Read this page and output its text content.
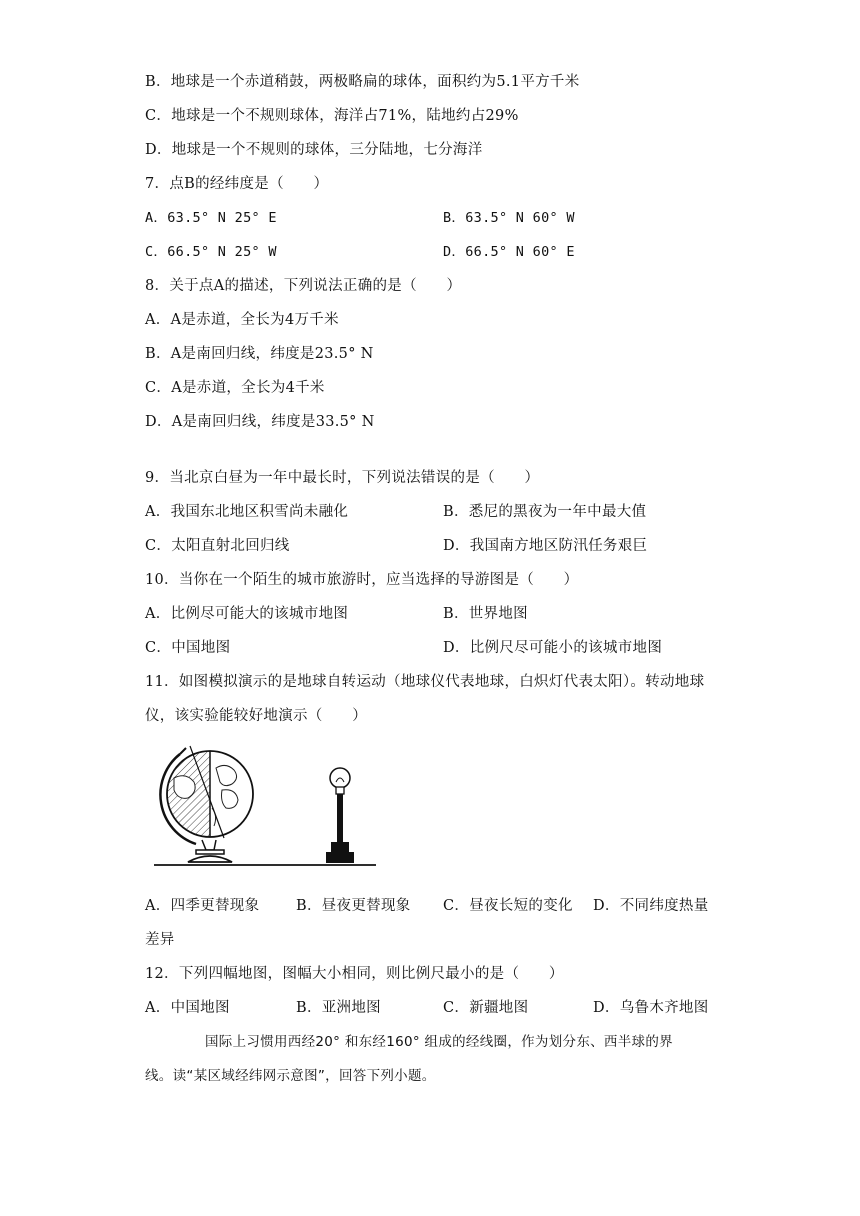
B．地球是一个赤道稍鼓，两极略扁的球体，面积约为5.1平方千米
C．地球是一个不规则球体，海洋占71%，陆地约占29%
D．地球是一个不规则的球体，三分陆地，七分海洋
7．点B的经纬度是（　　）
A．63.5° N 25° E	B．63.5° N 60° W
C．66.5° N 25° W	D．66.5° N 60° E
8．关于点A的描述，下列说法正确的是（　　）
A．A是赤道，全长为4万千米
B．A是南回归线，纬度是23.5° N
C．A是赤道，全长为4千米
D．A是南回归线，纬度是33.5° N
9．当北京白昼为一年中最长时，下列说法错误的是（　　）
A．我国东北地区积雪尚未融化	B．悉尼的黑夜为一年中最大值
C．太阳直射北回归线	D．我国南方地区防汛任务艰巨
10．当你在一个陌生的城市旅游时，应当选择的导游图是（　　）
A．比例尽可能大的该城市地图	B．世界地图
C．中国地图	D．比例尺尽可能小的该城市地图
11．如图模拟演示的是地球自转运动（地球仪代表地球，白炽灯代表太阳）。转动地球
仪，该实验能较好地演示（　　）
A．四季更替现象	B．昼夜更替现象 C．昼夜长短的变化 D．不同纬度热量
差异
12．下列四幅地图，图幅大小相同，则比例尺最小的是（　　）
A．中国地图	B．亚洲地图	C．新疆地图	D．乌鲁木齐地图
国际上习惯用西经20° 和东经160° 组成的经线圈，作为划分东、西半球的界
线。读“某区域经纬网示意图”，回答下列小题。
